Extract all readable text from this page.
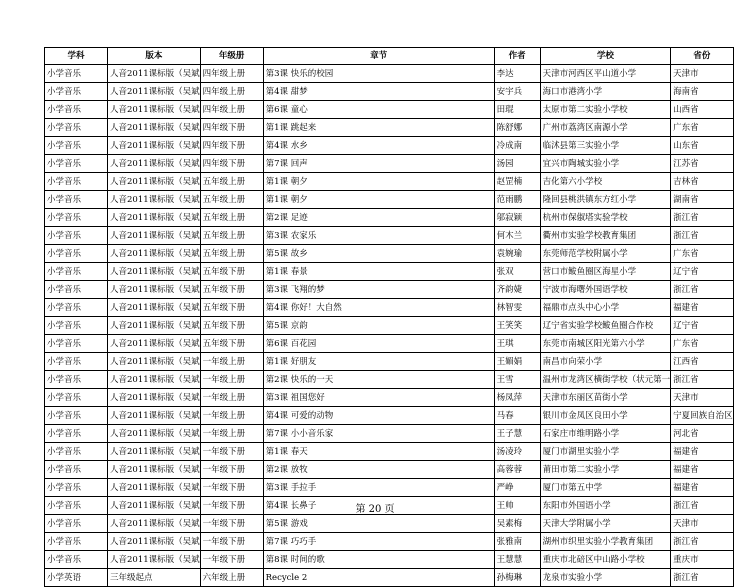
学科	版本	年级册	章节	作者	学校	省份
小学音乐	人音2011课标版（吴斌	四年级上册	第3课 快乐的校园	李达	天津市河西区平山道小学	天津市
小学音乐	人音2011课标版（吴斌	四年级上册	第4课 甜梦	安宇兵	海口市港湾小学	海南省
小学音乐	人音2011课标版（吴斌	四年级上册	第6课 童心	田琨	太原市第二实验小学校	山西省
小学音乐	人音2011课标版（吴斌	四年级下册	第1课 跳起来	陈舒娜	广州市荔湾区南源小学	广东省
小学音乐	人音2011课标版（吴斌	四年级下册	第4课 水乡	冷成南	临沭县第三实验小学	山东省
小学音乐	人音2011课标版（吴斌	四年级下册	第7课 回声	汤园	宜兴市陶城实验小学	江苏省
小学音乐	人音2011课标版（吴斌	五年级上册	第1课 朝夕	赵罡楠	吉化第六小学校	吉林省
小学音乐	人音2011课标版（吴斌	五年级上册	第1课 朝夕	范雨鹏	隆回县桃洪镇东方红小学	湖南省
小学音乐	人音2011课标版（吴斌	五年级上册	第2课 足迹	邬寂颖	杭州市保俶塔实验学校	浙江省
小学音乐	人音2011课标版（吴斌	五年级上册	第3课 农家乐	何木兰	衢州市实验学校教育集团	浙江省
小学音乐	人音2011课标版（吴斌	五年级上册	第5课 故乡	袁婉瑜	东莞师范学校附属小学	广东省
小学音乐	人音2011课标版（吴斌	五年级下册	第1课 春景	张双	营口市鲅鱼圈区海星小学	辽宁省
小学音乐	人音2011课标版（吴斌	五年级下册	第3课 飞翔的梦	齐韵婕	宁波市海曙外国语学校	浙江省
小学音乐	人音2011课标版（吴斌	五年级下册	第4课 你好！大自然	林智雯	福鼎市点头中心小学	福建省
小学音乐	人音2011课标版（吴斌	五年级下册	第5课 京韵	王笑笑	辽宁省实验学校鲅鱼圈合作校	辽宁省
小学音乐	人音2011课标版（吴斌	五年级下册	第6课 百花园	王琪	东莞市南城区阳光第六小学	广东省
小学音乐	人音2011课标版（吴斌	一年级上册	第1课 好朋友	王媚娟	南昌市向荣小学	江西省
小学音乐	人音2011课标版（吴斌	一年级上册	第2课 快乐的一天	王雪	温州市龙湾区横街学校（状元第一	浙江省
小学音乐	人音2011课标版（吴斌	一年级上册	第3课 祖国您好	杨凤萍	天津市东丽区苗街小学	天津市
小学音乐	人音2011课标版（吴斌	一年级上册	第4课 可爱的动物	马春	银川市金凤区良田小学	宁夏回族自治区
小学音乐	人音2011课标版（吴斌	一年级上册	第7课 小小音乐家	王子慧	石家庄市维明路小学	河北省
小学音乐	人音2011课标版（吴斌	一年级下册	第1课 春天	汤凌玲	厦门市湖里实验小学	福建省
小学音乐	人音2011课标版（吴斌	一年级下册	第2课 放牧	高蓉蓉	莆田市第二实验小学	福建省
小学音乐	人音2011课标版（吴斌	一年级下册	第3课 手拉手	严峥	厦门市第五中学	福建省
小学音乐	人音2011课标版（吴斌	一年级下册	第4课 长鼻子	王帅	东阳市外国语小学	浙江省
小学音乐	人音2011课标版（吴斌	一年级下册	第5课 游戏	吴素梅	天津大学附属小学	天津市
小学音乐	人音2011课标版（吴斌	一年级下册	第7课 巧巧手	张雅南	湖州市织里实验小学教育集团	浙江省
小学音乐	人音2011课标版（吴斌	一年级下册	第8课 时间的歌	王慧慧	重庆市北碚区中山路小学校	重庆市
小学英语	三年级起点	六年级上册	Recycle 2	孙梅琳	龙泉市实验小学	浙江省
第 20 页
